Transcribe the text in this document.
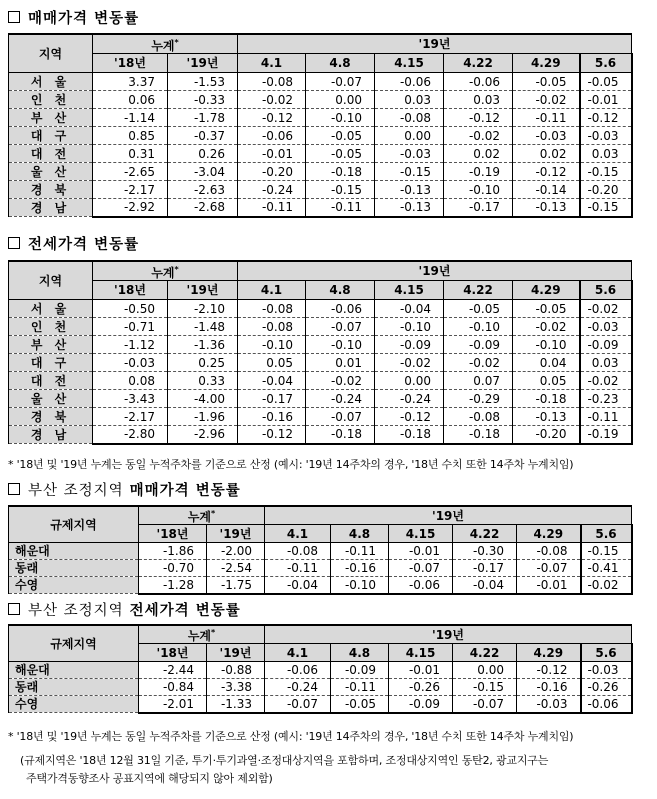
매매가격 변동률
지역	누계*		'19년					
	'18년	'19년	4.1	4.8	4.15	4.22	4.29	5.6
서 울	3.37	-1.53	-0.08	-0.07	-0.06	-0.06	-0.05	-0.05
인 천	0.06	-0.33	-0.02	0.00	0.03	0.03	-0.02	-0.01
부 산	-1.14	-1.78	-0.12	-0.10	-0.08	-0.12	-0.11	-0.12
대 구	0.85	-0.37	-0.06	-0.05	0.00	-0.02	-0.03	-0.03
대 전	0.31	0.26	-0.01	-0.05	-0.03	0.02	0.02	0.03
울 산	-2.65	-3.04	-0.20	-0.18	-0.15	-0.19	-0.12	-0.15
경 북	-2.17	-2.63	-0.24	-0.15	-0.13	-0.10	-0.14	-0.20
경 남	-2.92	-2.68	-0.11	-0.11	-0.13	-0.17	-0.13	-0.15
전세가격 변동률
지역	누계*		'19년					
	'18년	'19년	4.1	4.8	4.15	4.22	4.29	5.6
서 울	-0.50	-2.10	-0.08	-0.06	-0.04	-0.05	-0.05	-0.02
인 천	-0.71	-1.48	-0.08	-0.07	-0.10	-0.10	-0.02	-0.03
부 산	-1.12	-1.36	-0.10	-0.10	-0.09	-0.09	-0.10	-0.09
대 구	-0.03	0.25	0.05	0.01	-0.02	-0.02	0.04	0.03
대 전	0.08	0.33	-0.04	-0.02	0.00	0.07	0.05	-0.02
울 산	-3.43	-4.00	-0.17	-0.24	-0.24	-0.29	-0.18	-0.23
경 북	-2.17	-1.96	-0.16	-0.07	-0.12	-0.08	-0.13	-0.11
경 남	-2.80	-2.96	-0.12	-0.18	-0.18	-0.18	-0.20	-0.19
* '18년 및 '19년 누계는 동일 누적주차를 기준으로 산정 (예시: '19년 14주차의 경우, '18년 수치 또한 14주차 누계치임)
부산 조정지역 매매가격 변동률
규제지역	누계*		'19년					
	'18년	'19년	4.1	4.8	4.15	4.22	4.29	5.6
해운대	-1.86	-2.00	-0.08	-0.11	-0.01	-0.30	-0.08	-0.15
동래	-0.70	-2.54	-0.11	-0.16	-0.07	-0.17	-0.07	-0.41
수영	-1.28	-1.75	-0.04	-0.10	-0.06	-0.04	-0.01	-0.02
부산 조정지역 전세가격 변동률
규제지역	누계*		'19년					
	'18년	'19년	4.1	4.8	4.15	4.22	4.29	5.6
해운대	-2.44	-0.88	-0.06	-0.09	-0.01	0.00	-0.12	-0.03
동래	-0.84	-3.38	-0.24	-0.11	-0.26	-0.15	-0.16	-0.26
수영	-2.01	-1.33	-0.07	-0.05	-0.09	-0.07	-0.03	-0.06
* '18년 및 '19년 누계는 동일 누적주차를 기준으로 산정 (예시: '19년 14주차의 경우, '18년 수치 또한 14주차 누계치임)
(규제지역은 '18년 12월 31일 기준, 투기·투기과열·조정대상지역을 포함하며, 조정대상지역인 동탄2, 광교지구는
주택가격동향조사 공표지역에 해당되지 않아 제외함)
